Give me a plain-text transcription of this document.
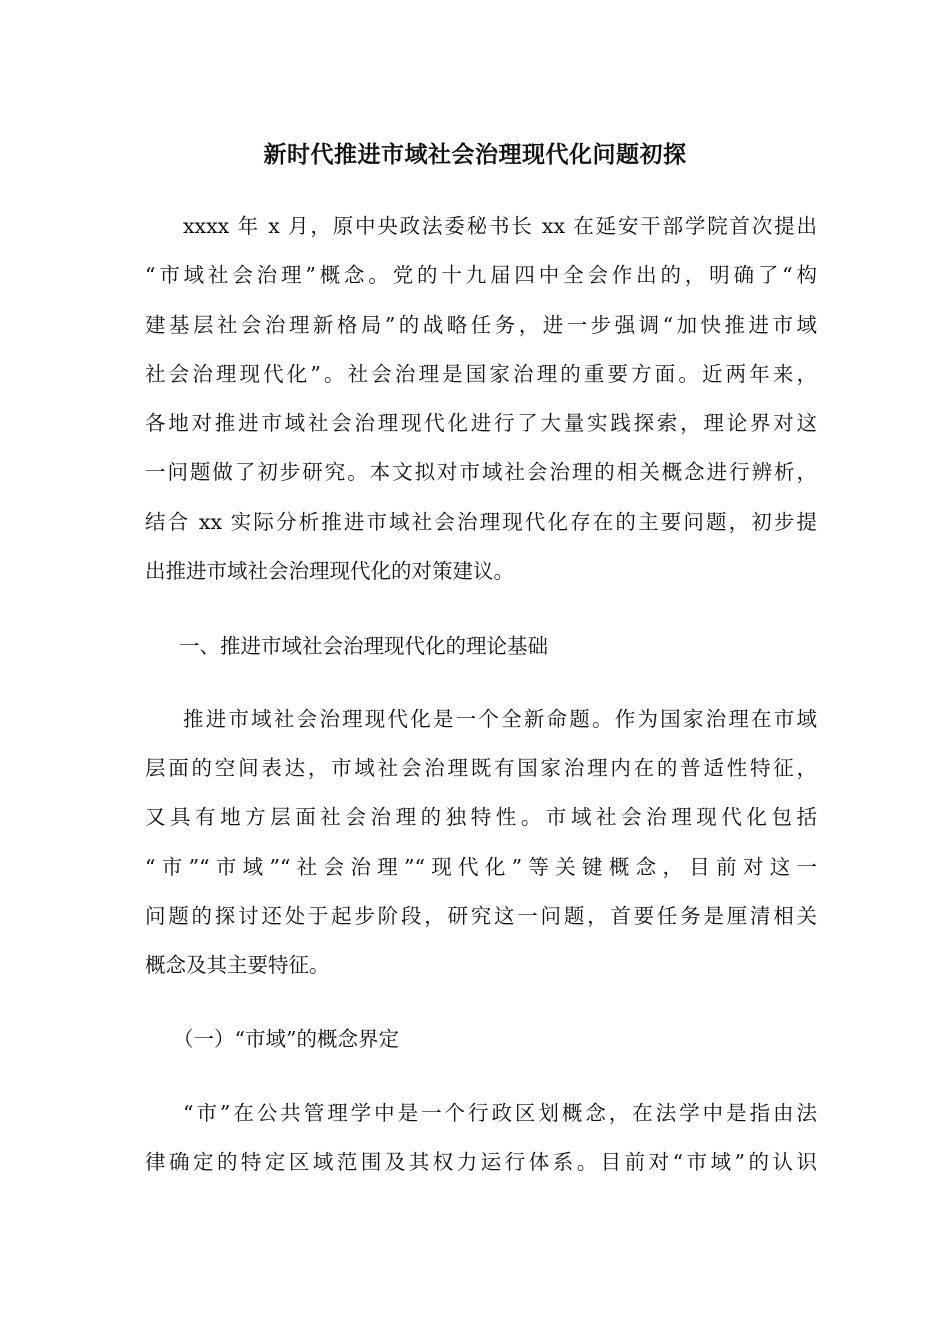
新时代推进市域社会治理现代化问题初探
xxxx 年 x 月，原中央政法委秘书长 xx 在延安干部学院首次提出
“市域社会治理”概念。党的十九届四中全会作出的，明确了“构
建基层社会治理新格局”的战略任务，进一步强调“加快推进市域
社会治理现代化”。社会治理是国家治理的重要方面。近两年来，
各地对推进市域社会治理现代化进行了大量实践探索，理论界对这
一问题做了初步研究。本文拟对市域社会治理的相关概念进行辨析，
结合 xx 实际分析推进市域社会治理现代化存在的主要问题，初步提
出推进市域社会治理现代化的对策建议。
一、推进市域社会治理现代化的理论基础
推进市域社会治理现代化是一个全新命题。作为国家治理在市域
层面的空间表达，市域社会治理既有国家治理内在的普适性特征，
又具有地方层面社会治理的独特性。市域社会治理现代化包括
“市”“市域”“社会治理”“现代化”等关键概念，目前对这一
问题的探讨还处于起步阶段，研究这一问题，首要任务是厘清相关
概念及其主要特征。
（一）“市域”的概念界定
“市”在公共管理学中是一个行政区划概念，在法学中是指由法
律确定的特定区域范围及其权力运行体系。目前对“市域”的认识
